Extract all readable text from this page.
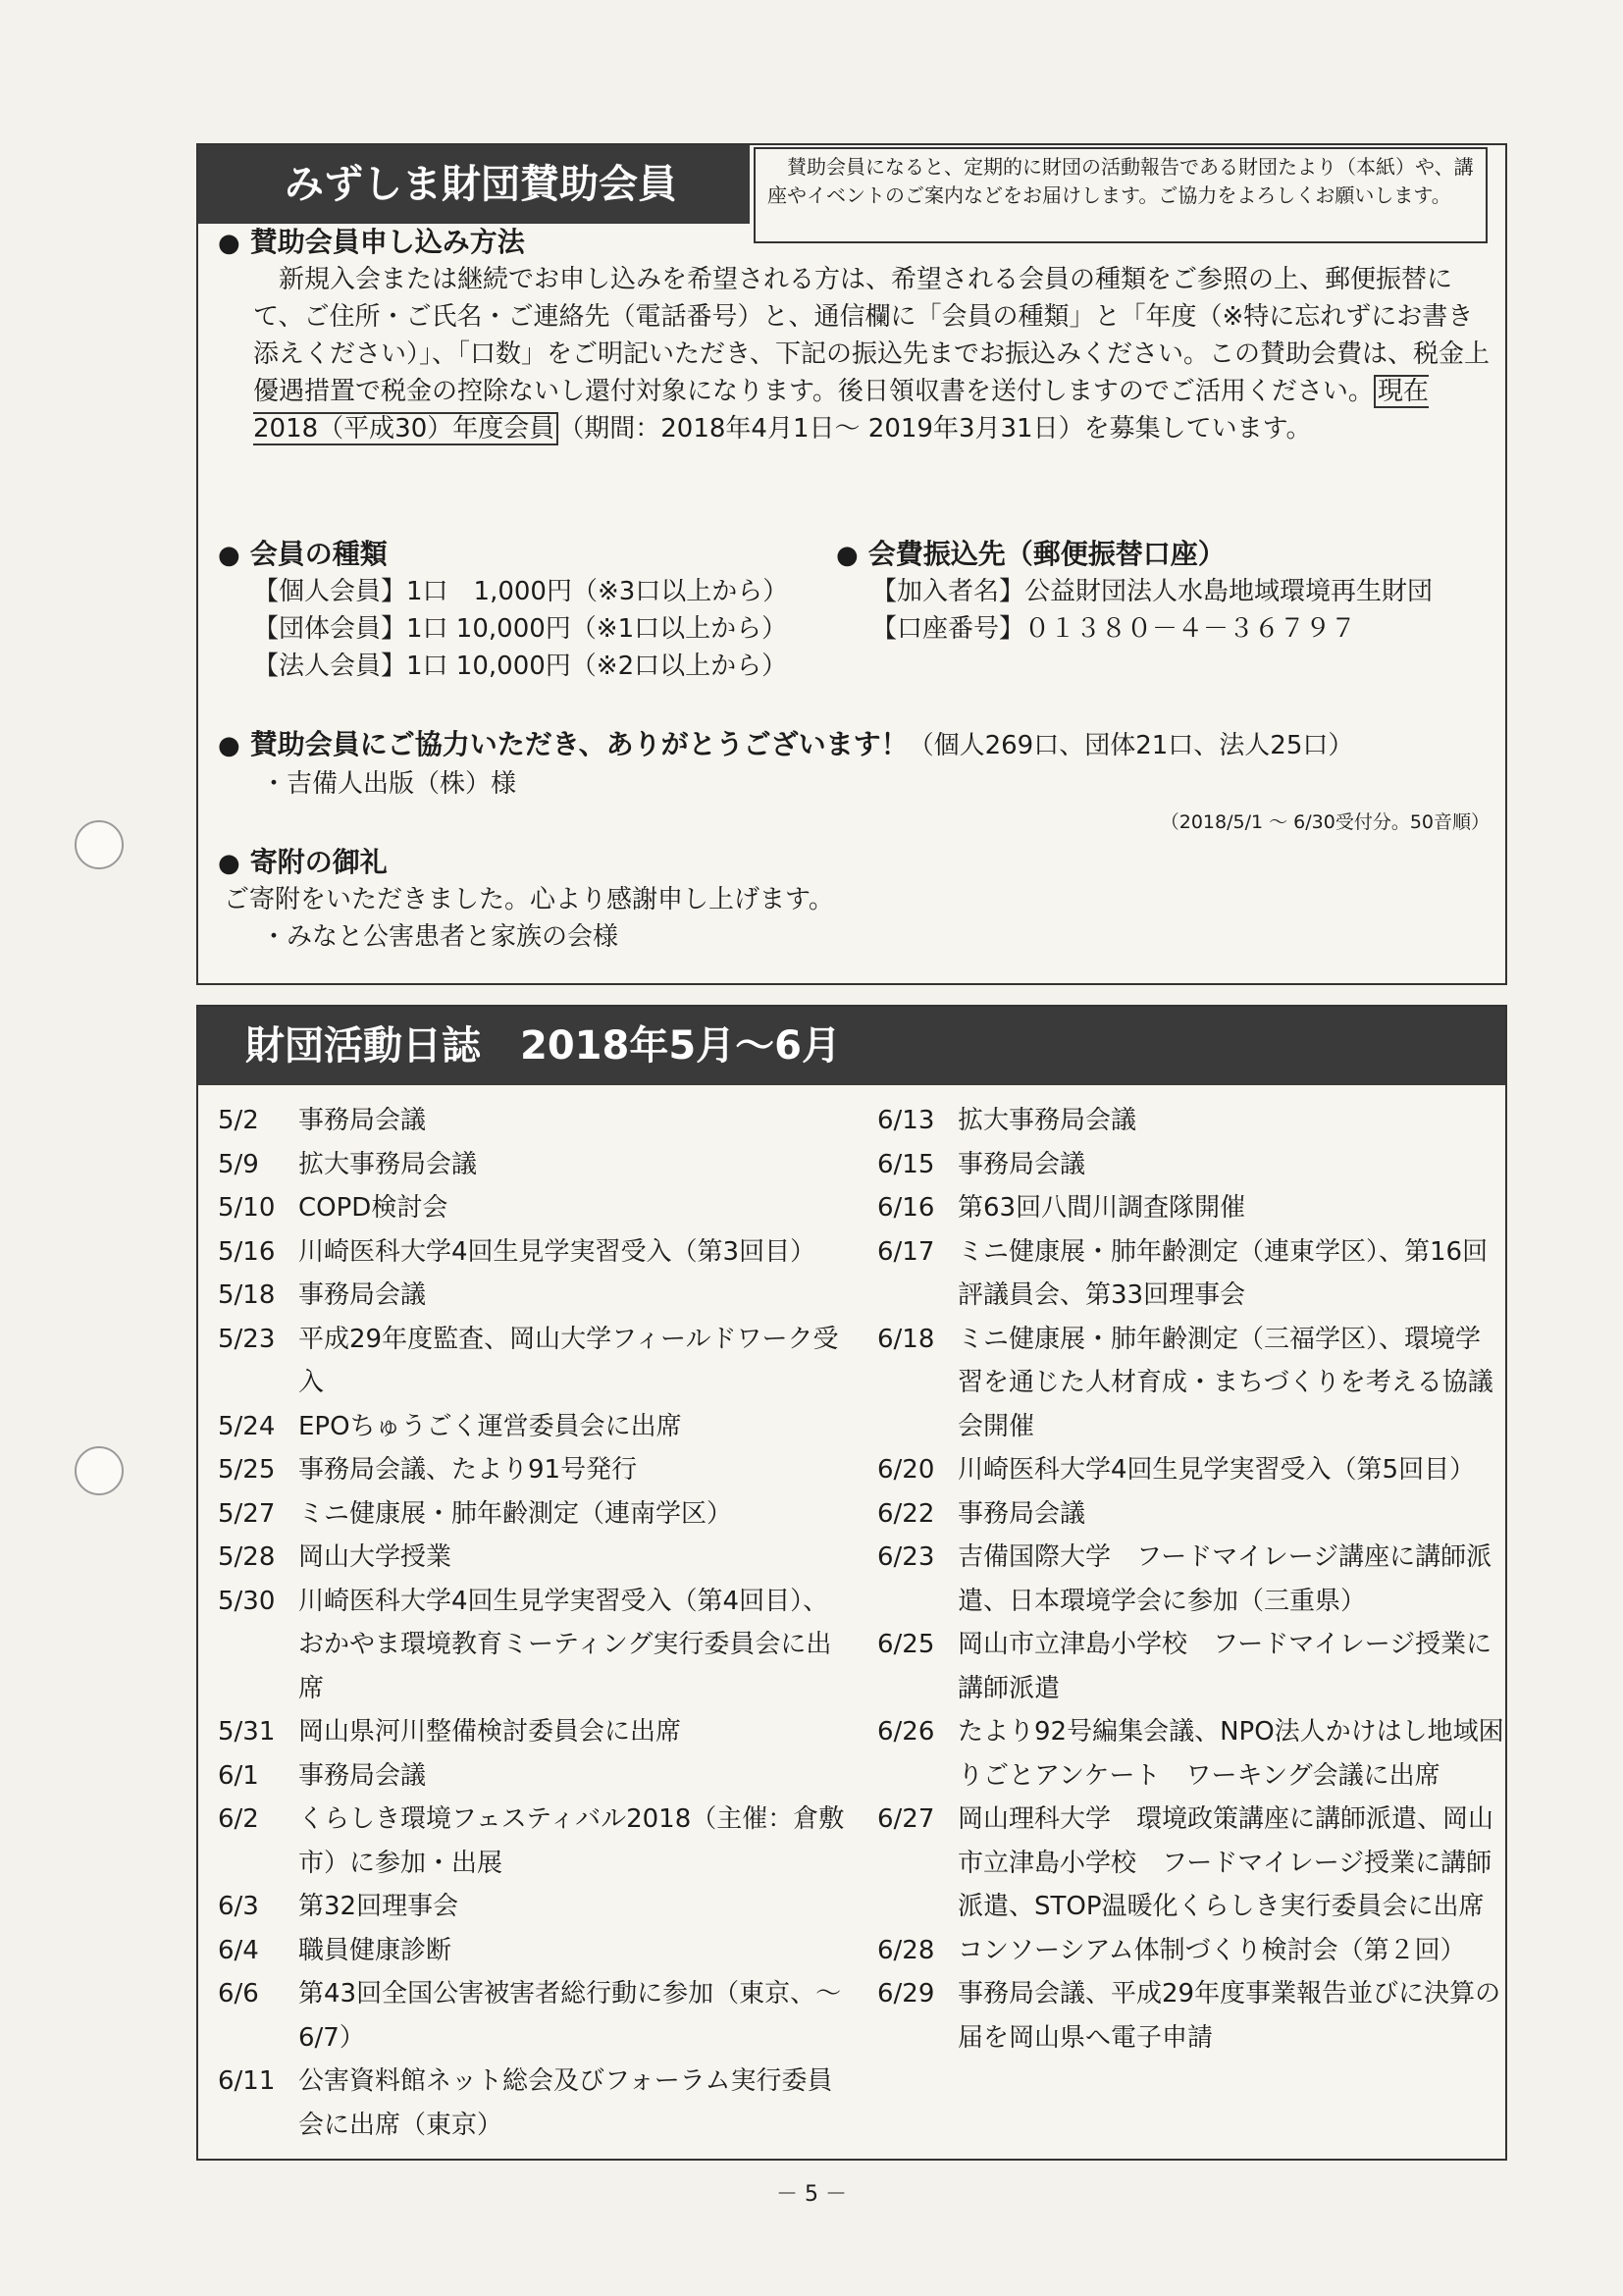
みずしま財団賛助会員	賛助会員になると、定期的に財団の活動報告である財団たより（本紙）や、講座やイベントのご案内などをお届けします。ご協力をよろしくお願いします。
● 賛助会員申し込み方法
新規入会または継続でお申し込みを希望される方は、希望される会員の種類をご参照の上、郵便振替にて、ご住所・ご氏名・ご連絡先（電話番号）と、通信欄に「会員の種類」と「年度（※特に忘れずにお書き添えください）」、「口数」をご明記いただき、下記の振込先までお振込みください。この賛助会費は、税金上優遇措置で税金の控除ないし還付対象になります。後日領収書を送付しますのでご活用ください。 現在2018（平成30）年度会員 （期間：2018年4月1日～ 2019年3月31日）を募集しています。
● 会員の種類
【個人会員】1口　1,000円（※3口以上から）
【団体会員】1口 10,000円（※1口以上から）
【法人会員】1口 10,000円（※2口以上から）
● 会費振込先（郵便振替口座）
【加入者名】公益財団法人水島地域環境再生財団
【口座番号】０１３８０－４－３６７９７
● 賛助会員にご協力いただき、ありがとうございます！（個人269口、団体21口、法人25口）
・吉備人出版（株）様
（2018/5/1 ～ 6/30受付分。50音順）
● 寄附の御礼
ご寄附をいただきました。心より感謝申し上げます。
・みなと公害患者と家族の会様
財団活動日誌　2018年5月～6月
5/2	事務局会議
5/9	拡大事務局会議
5/10 COPD検討会
5/16 川崎医科大学4回生見学実習受入（第3回目）
5/18 事務局会議
5/23 平成29年度監査、岡山大学フィールドワーク受入
5/24 EPOちゅうごく運営委員会に出席
5/25 事務局会議、たより91号発行
5/27 ミニ健康展・肺年齢測定（連南学区）
5/28 岡山大学授業
5/30 川崎医科大学4回生見学実習受入（第4回目）、おかやま環境教育ミーティング実行委員会に出席
5/31 岡山県河川整備検討委員会に出席
6/1	事務局会議
6/2	くらしき環境フェスティバル2018（主催：倉敷市）に参加・出展
6/3	第32回理事会
6/4	職員健康診断
6/6	第43回全国公害被害者総行動に参加（東京、～ 6/7）
6/11 公害資料館ネット総会及びフォーラム実行委員会に出席（東京）
6/13 拡大事務局会議
6/15 事務局会議
6/16 第63回八間川調査隊開催
6/17 ミニ健康展・肺年齢測定（連東学区）、第16回評議員会、第33回理事会
6/18 ミニ健康展・肺年齢測定（三福学区）、環境学習を通じた人材育成・まちづくりを考える協議会開催
6/20 川崎医科大学4回生見学実習受入（第5回目）
6/22 事務局会議
6/23 吉備国際大学　フードマイレージ講座に講師派遣、日本環境学会に参加（三重県）
6/25 岡山市立津島小学校　フードマイレージ授業に講師派遣
6/26 たより92号編集会議、NPO法人かけはし地域困りごとアンケート　ワーキング会議に出席
6/27 岡山理科大学　環境政策講座に講師派遣、岡山市立津島小学校　フードマイレージ授業に講師派遣、STOP温暖化くらしき実行委員会に出席
6/28 コンソーシアム体制づくり検討会（第２回）
6/29 事務局会議、平成29年度事業報告並びに決算の届を岡山県へ電子申請
－ 5 －
